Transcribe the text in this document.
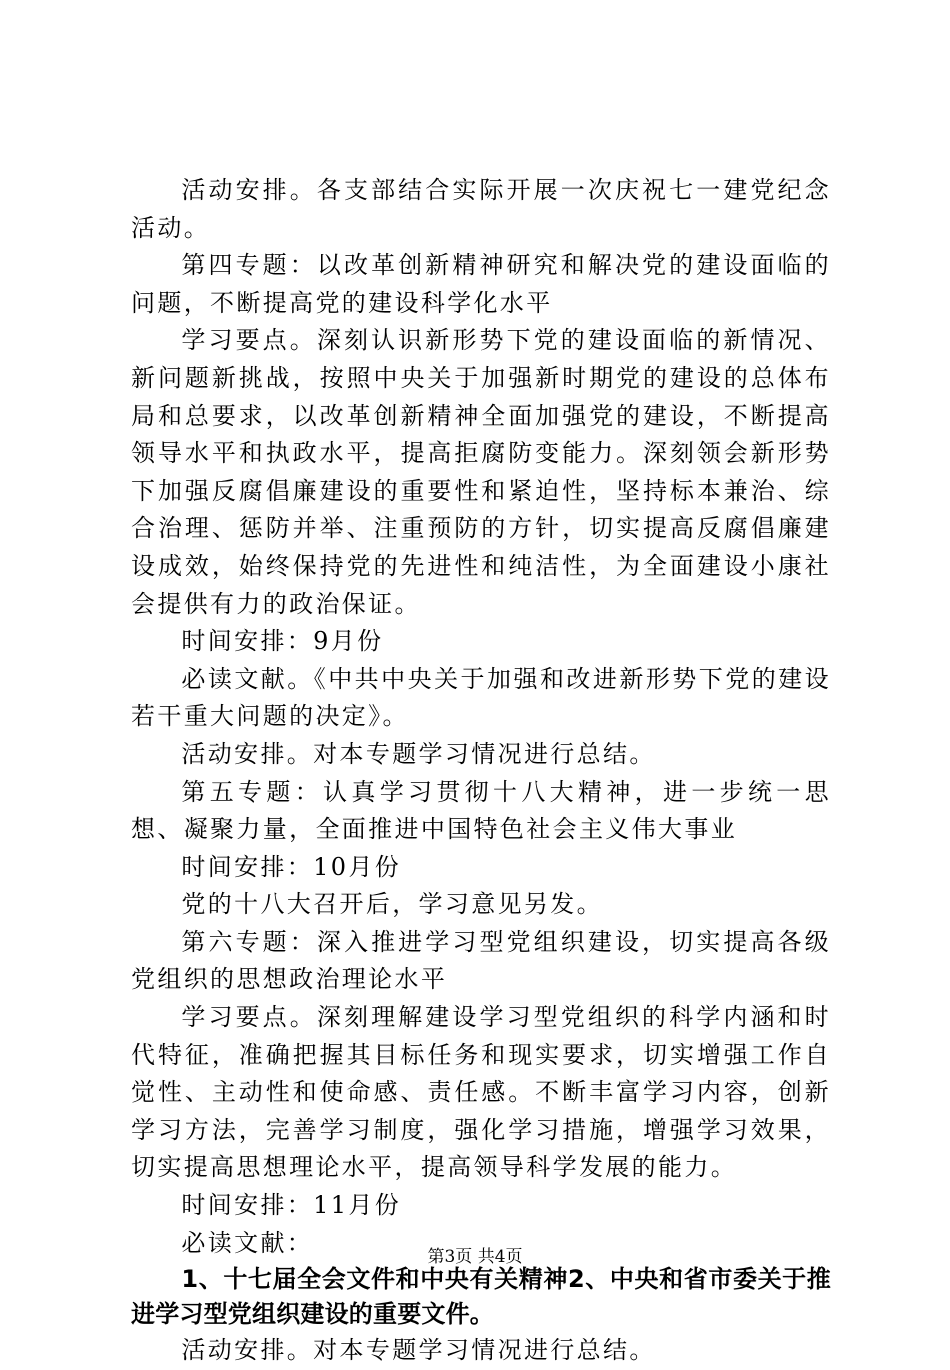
活动安排。各支部结合实际开展一次庆祝七一建党纪念活动。

第四专题：以改革创新精神研究和解决党的建设面临的问题，不断提高党的建设科学化水平

学习要点。深刻认识新形势下党的建设面临的新情况、新问题新挑战，按照中央关于加强新时期党的建设的总体布局和总要求，以改革创新精神全面加强党的建设，不断提高领导水平和执政水平，提高拒腐防变能力。深刻领会新形势下加强反腐倡廉建设的重要性和紧迫性，坚持标本兼治、综合治理、惩防并举、注重预防的方针，切实提高反腐倡廉建设成效，始终保持党的先进性和纯洁性，为全面建设小康社会提供有力的政治保证。

时间安排：9月份

必读文献。《中共中央关于加强和改进新形势下党的建设若干重大问题的决定》。

活动安排。对本专题学习情况进行总结。

第五专题：认真学习贯彻十八大精神，进一步统一思想、凝聚力量，全面推进中国特色社会主义伟大事业

时间安排：10月份

党的十八大召开后，学习意见另发。

第六专题：深入推进学习型党组织建设，切实提高各级党组织的思想政治理论水平

学习要点。深刻理解建设学习型党组织的科学内涵和时代特征，准确把握其目标任务和现实要求，切实增强工作自觉性、主动性和使命感、责任感。不断丰富学习内容，创新学习方法，完善学习制度，强化学习措施，增强学习效果，切实提高思想理论水平，提高领导科学发展的能力。

时间安排：11月份

必读文献：

1、十七届全会文件和中央有关精神2、中央和省市委关于推进学习型党组织建设的重要文件。

活动安排。对本专题学习情况进行总结。

第3页 共4页
